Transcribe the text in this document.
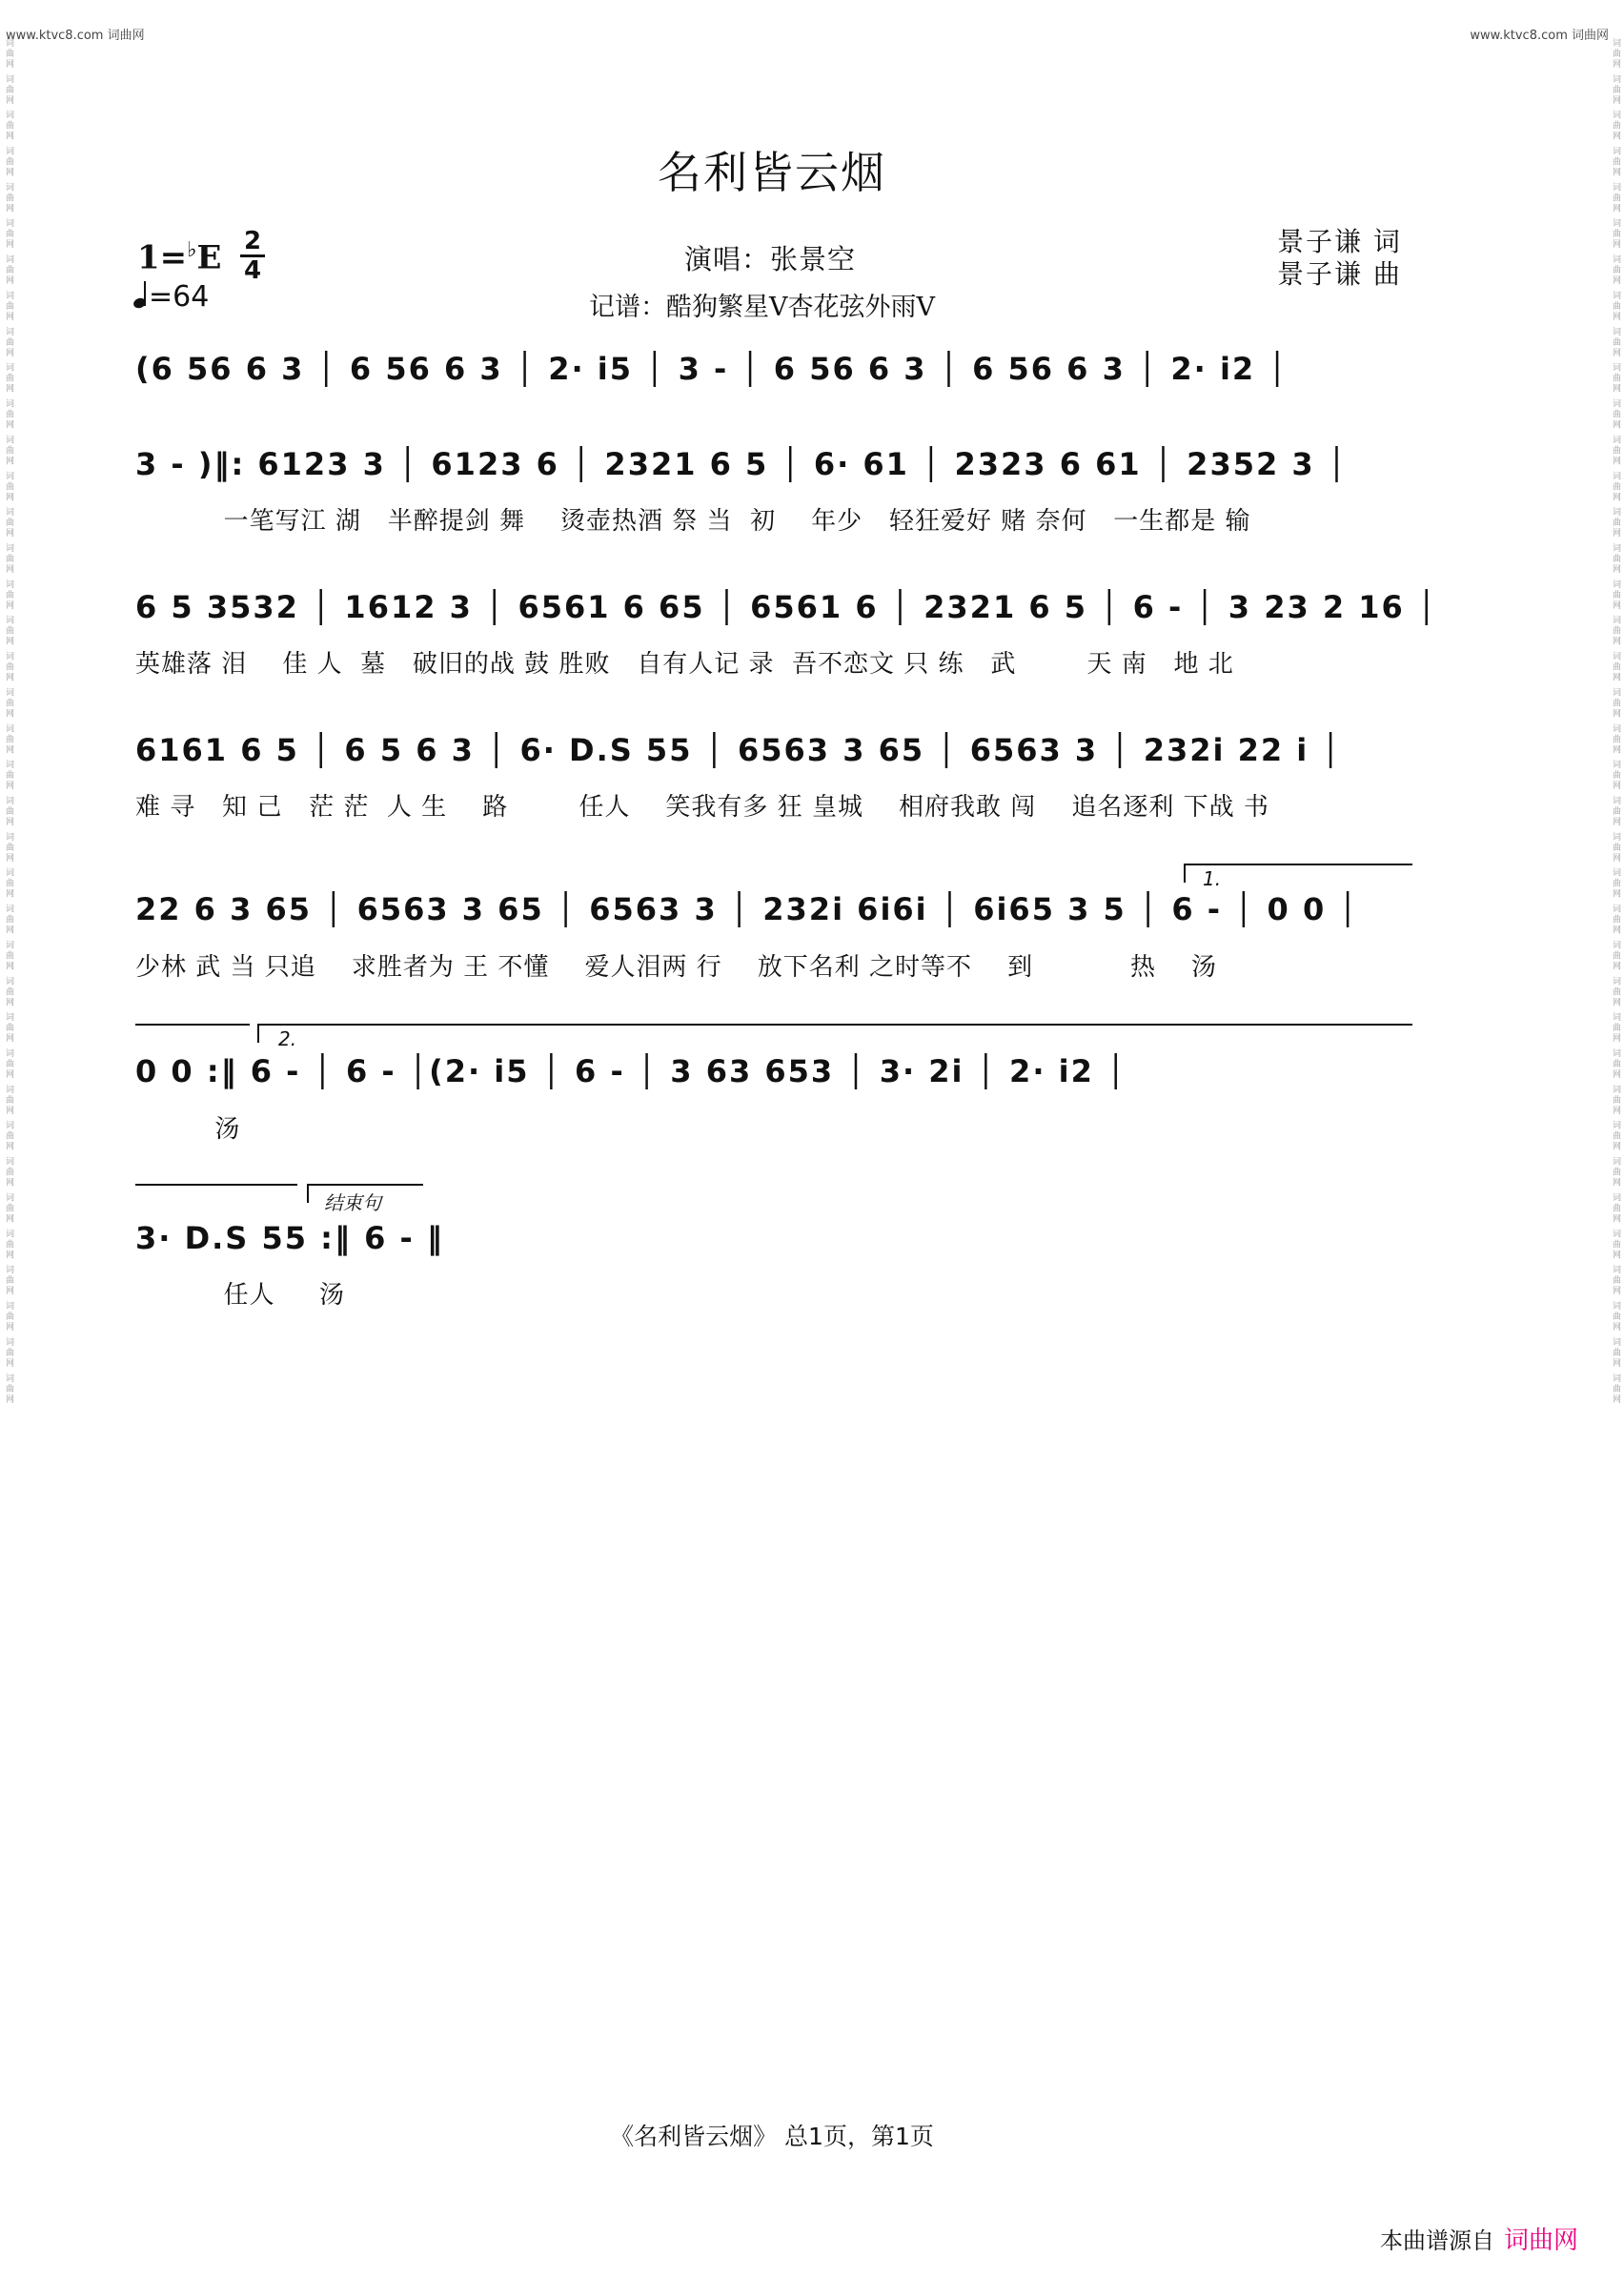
www.ktvc8.com 词曲网	www.ktvc8.com 词曲网
词曲网 词曲网 词曲网 词曲网 词曲网 词曲网 词曲网 词曲网 词曲网 词曲网 词曲网 词曲网 词曲网 词曲网 词曲网 词曲网 词曲网 词曲网 词曲网 词曲网 词曲网 词曲网 词曲网 词曲网 词曲网 词曲网 词曲网 词曲网 词曲网 词曲网 词曲网 词曲网 词曲网 词曲网 词曲网 词曲网 词曲网 词曲网	词曲网 词曲网 词曲网 词曲网 词曲网 词曲网 词曲网 词曲网 词曲网 词曲网 词曲网 词曲网 词曲网 词曲网 词曲网 词曲网 词曲网 词曲网 词曲网 词曲网 词曲网 词曲网 词曲网 词曲网 词曲网 词曲网 词曲网 词曲网 词曲网 词曲网 词曲网 词曲网 词曲网 词曲网 词曲网 词曲网 词曲网 词曲网
名利皆云烟
1=♭E 2
4
=64
演唱：张景空
记谱：酷狗繁星V杏花弦外雨V
景子谦 词
景子谦 曲
(6 56 6 3 │ 6 56 6 3 │ 2· i5 │ 3 - │ 6 56 6 3 │ 6 56 6 3 │ 2· i2 │
3 - )‖: 6123 3 │ 6123 6 │ 2321 6 5 │ 6· 61 │ 2323 6 61 │ 2352 3 │
一笔写江 湖   半醉提剑 舞    烫壶热酒 祭 当  初    年少   轻狂爱好 赌 奈何   一生都是 输
6 5 3532 │ 1612 3 │ 6561 6 65 │ 6561 6 │ 2321 6 5 │ 6 - │ 3 23 2 16 │
英雄落 泪    佳 人  墓   破旧的战 鼓 胜败   自有人记 录  吾不恋文 只 练   武        天 南   地 北
6161 6 5 │ 6 5 6 3 │ 6· D.S 55 │ 6563 3 65 │ 6563 3 │ 232i 22 i │
难 寻   知 己   茫 茫  人 生    路        任人    笑我有多 狂 皇城    相府我敢 闯    追名逐利 下战 书
1.
22 6 3 65 │ 6563 3 65 │ 6563 3 │ 232i 6i6i │ 6i65 3 5 │ 6 - │ 0 0 │
少林 武 当 只追    求胜者为 王 不懂    爱人泪两 行    放下名利 之时等不    到           热    汤
2.
0 0 :‖ 6 - │ 6 - │(2· i5 │ 6 - │ 3 63 653 │ 3· 2i │ 2· i2 │
汤
结束句
3· D.S 55 :‖ 6 - ‖
任人     汤
《名利皆云烟》 总1页，第1页
本曲谱源自 词曲网
